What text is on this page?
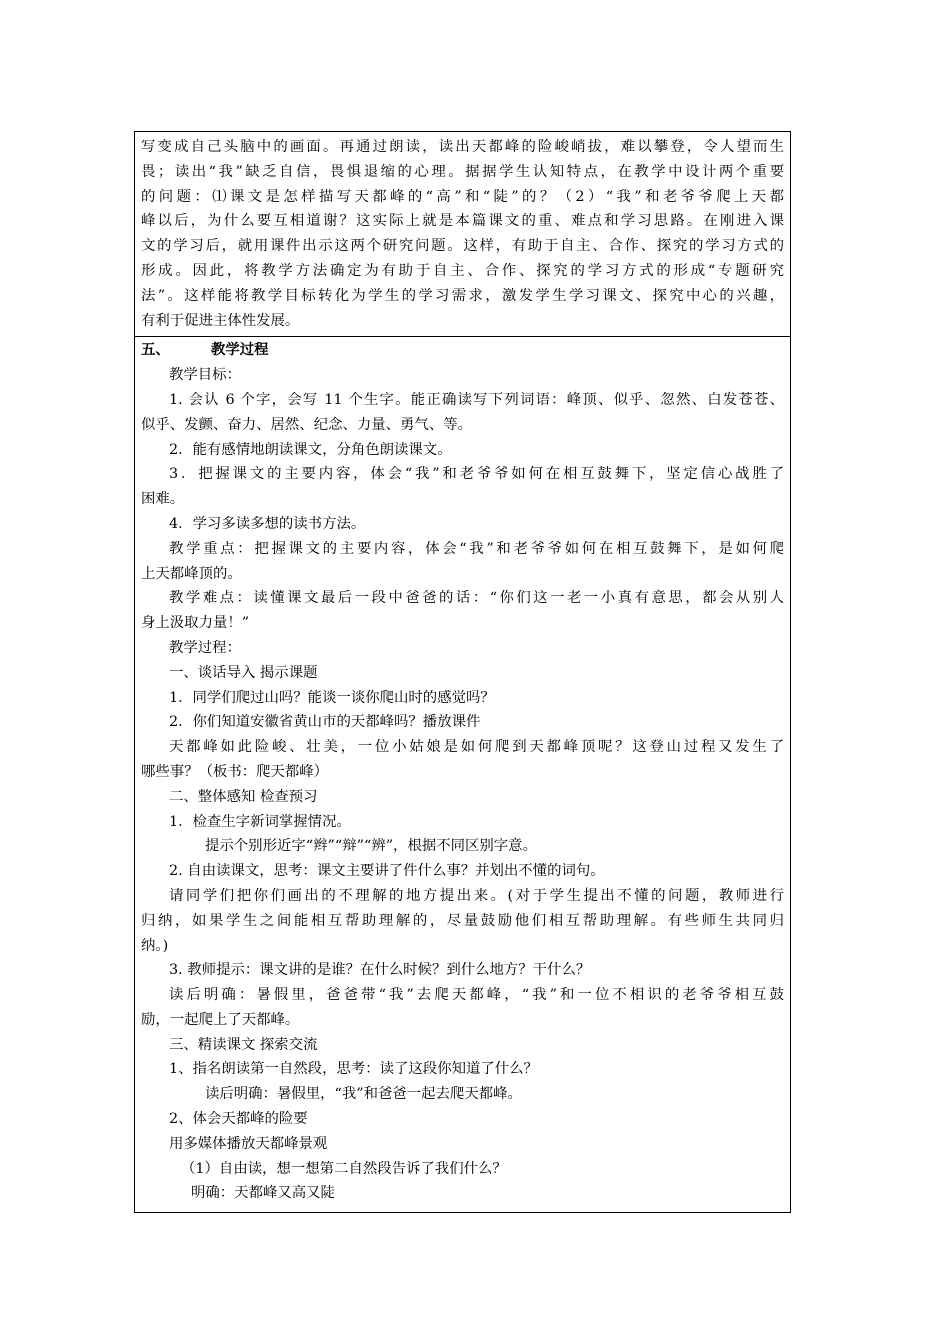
写变成自己头脑中的画面。再通过朗读，读出天都峰的险峻峭拔，难以攀登，令人望而生

畏；读出“我”缺乏自信，畏惧退缩的心理。据据学生认知特点，在教学中设计两个重要

的问题：⑴课文是怎样描写天都峰的“高”和“陡”的？（2）“我”和老爷爷爬上天都

峰以后，为什么要互相道谢？这实际上就是本篇课文的重、难点和学习思路。在刚进入课

文的学习后，就用课件出示这两个研究问题。这样，有助于自主、合作、探究的学习方式的

形成。因此，将教学方法确定为有助于自主、合作、探究的学习方式的形成“专题研究

法”。这样能将教学目标转化为学生的学习需求，激发学生学习课文、探究中心的兴趣，

有利于促进主体性发展。

五、	教学过程

教学目标：

1. 会认 6 个字，会写 11 个生字。能正确读写下列词语：峰顶、似乎、忽然、白发苍苍、

似乎、发颤、奋力、居然、纪念、力量、勇气、等。

2．能有感情地朗读课文，分角色朗读课文。

3．把握课文的主要内容，体会“我”和老爷爷如何在相互鼓舞下，坚定信心战胜了

困难。

4．学习多读多想的读书方法。

教学重点：把握课文的主要内容，体会“我”和老爷爷如何在相互鼓舞下，是如何爬

上天都峰顶的。

教学难点：读懂课文最后一段中爸爸的话：“你们这一老一小真有意思，都会从别人

身上汲取力量！”

教学过程：

一、谈话导入 揭示课题

1．同学们爬过山吗？能谈一谈你爬山时的感觉吗？

2．你们知道安徽省黄山市的天都峰吗？播放课件

天都峰如此险峻、壮美，一位小姑娘是如何爬到天都峰顶呢？这登山过程又发生了

哪些事？（板书：爬天都峰）

二、整体感知 检查预习

1．检查生字新词掌握情况。

提示个别形近字“辫”“辩”“辨”，根据不同区别字意。

2. 自由读课文，思考：课文主要讲了件什么事？并划出不懂的词句。

请同学们把你们画出的不理解的地方提出来。(对于学生提出不懂的问题，教师进行

归纳，如果学生之间能相互帮助理解的，尽量鼓励他们相互帮助理解。有些师生共同归

纳。)

3. 教师提示：课文讲的是谁？在什么时候？到什么地方？干什么？

读后明确：暑假里，爸爸带“我”去爬天都峰，“我”和一位不相识的老爷爷相互鼓

励，一起爬上了天都峰。

三、精读课文 探索交流

1、指名朗读第一自然段，思考：读了这段你知道了什么？

读后明确：暑假里，“我”和爸爸一起去爬天都峰。

2、体会天都峰的险要

用多媒体播放天都峰景观

（1）自由读，想一想第二自然段告诉了我们什么？

明确：天都峰又高又陡
